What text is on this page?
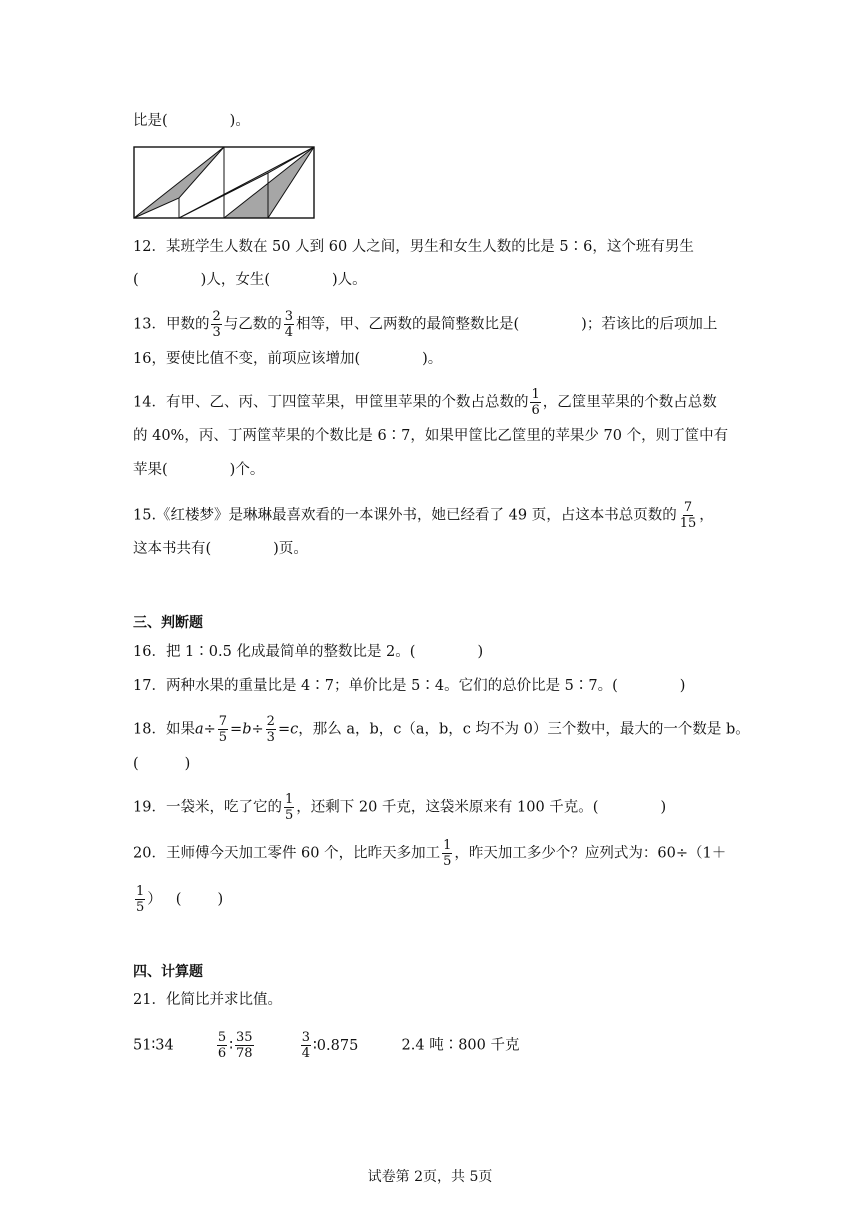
比是(	)。
12．某班学生人数在 50 人到 60 人之间，男生和女生人数的比是 5∶6，这个班有男生
(	)人，女生(	)人。
13．甲数的 $\frac{2}{3}$ 与乙数的 $\frac{3}{4}$ 相等，甲、乙两数的最简整数比是(	)；若该比的后项加上
16，要使比值不变，前项应该增加(	)。
14．有甲、乙、丙、丁四筐苹果，甲筐里苹果的个数占总数的 $\frac{1}{6}$ ，乙筐里苹果的个数占总数
的 40%，丙、丁两筐苹果的个数比是 6∶7，如果甲筐比乙筐里的苹果少 70 个，则丁筐中有
苹果(	)个。
15.《红楼梦》是琳琳最喜欢看的一本课外书，她已经看了 49 页，占这本书总页数的 $\frac{7}{15}$ ，
这本书共有(	)页。
三、判断题
16．把 1∶0.5 化成最简单的整数比是 2。(	)
17．两种水果的重量比是 4∶7；单价比是 5∶4。它们的总价比是 5∶7。(	)
18．如果$a\div \frac{7}{5} =b\div \frac{2}{3} =c$，那么 a，b，c（a，b，c 均不为 0）三个数中，最大的一个数是 b。
(	)
19．一袋米，吃了它的 $\frac{1}{5}$ ，还剩下 20 千克，这袋米原来有 100 千克。(	)
20．王师傅今天加工零件 60 个，比昨天多加工 $\frac{1}{5}$ ，昨天加工多少个？应列式为：60÷（1＋
$\frac{1}{5}$ ） ( )
四、计算题
21．化简比并求比值。
51∶34	$\frac{5}{6}$ ∶ $\frac{35}{78}$
	$\frac{3}{4}$ ∶0.875	2.4 吨∶800 千克
试卷第 2页，共 5页
